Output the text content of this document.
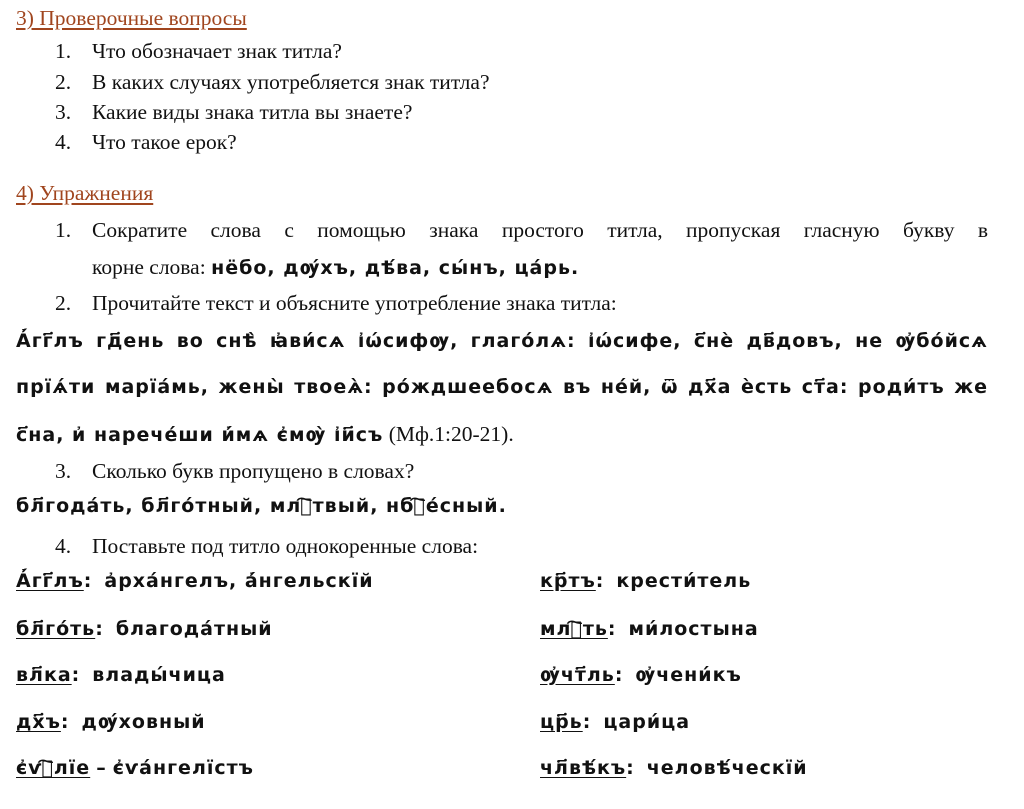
3) Проверочные вопросы
1. Что обозначает знак титла?
2. В каких случаях употребляется знак титла?
3. Какие виды знака титла вы знаете?
4. Что такое ерок?
4) Упражнения
1. Сократите слова с помощью знака простого титла, пропуская гласную букву в
корне слова: нёбо, дѹ́хъ, дѣ́ва, сы́нъ, ца́рь.
2. Прочитайте текст и объясните употребление знака титла:
А҆́гг҃лъ гд҃ень во снѣ̀ ꙗ҆ви́сѧ і҆ѡ́сифѹ, глаго́лѧ: і҆ѡ́сифе, с҃нѐ дв҃довъ, не ѹ҆бо́йсѧ
прїѧ́ти марїа́мь, жены̀ твоеѧ̀: ро́ждшеебосѧ въ не́й, ѿ дх҃а ѐсть ст҃а: роди́тъ же
с҃на, и҆ нарече́ши и҆́мѧ є҆мѹ̀ і҆и҃съ (Мф.1:20-21).
3. Сколько букв пропущено в словах?
бл҃года́ть, бл҃го́тный, млⷭ҇твый, нбⷭ҇е́сный.
4. Поставьте под титло однокоренные слова:
А҆́гг҃лъ: а҆рха́нгелъ, а҆́нгельскїй	кр҃тъ: крести́тель
бл҃го́ть: благода́тный	млⷭ҇ть: ми́лостына
вл҃ка: влады́чица	ѹ҆чт҃ль: ѹ҆чени́къ
дх҃ъ: дѹ́ховный	цр҃ь: цари́ца
є҆ѵⷢ҇лїе – є҆ѵа́нгелїстъ	чл҃вѣ́къ: человѣ́ческїй
